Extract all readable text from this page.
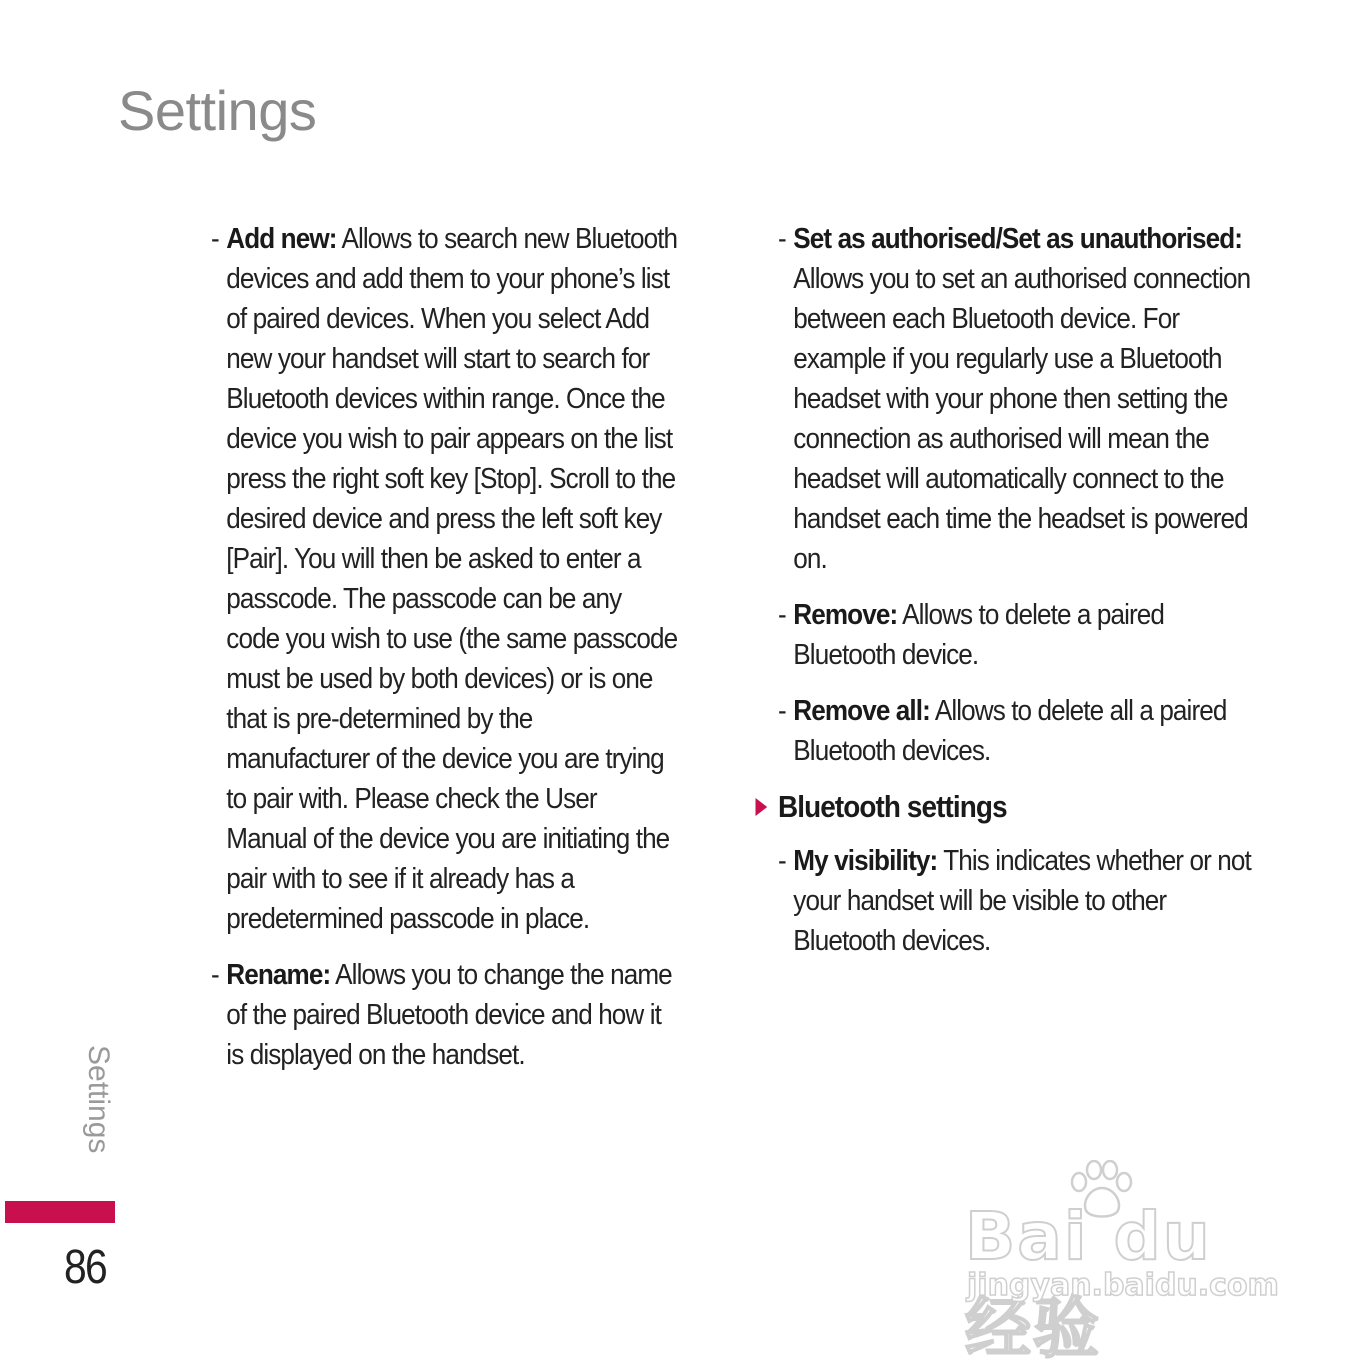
Settings
- Add new: Allows to search new Bluetooth devices and add them to your phone’s list of paired devices. When you select Add new your handset will start to search for Bluetooth devices within range. Once the device you wish to pair appears on the list press the right soft key [Stop]. Scroll to the desired device and press the left soft key [Pair]. You will then be asked to enter a passcode. The passcode can be any code you wish to use (the same passcode must be used by both devices) or is one that is pre-determined by the manufacturer of the device you are trying to pair with. Please check the User Manual of the device you are initiating the pair with to see if it already has a predetermined passcode in place.
- Rename: Allows you to change the name of the paired Bluetooth device and how it is displayed on the handset.
- Set as authorised/Set as unauthorised: Allows you to set an authorised connection between each Bluetooth device. For example if you regularly use a Bluetooth headset with your phone then setting the connection as authorised will mean the headset will automatically connect to the handset each time the headset is powered on.
- Remove: Allows to delete a paired Bluetooth device.
- Remove all: Allows to delete all a paired Bluetooth devices.
Bluetooth settings
- My visibility: This indicates whether or not your handset will be visible to other Bluetooth devices.
Settings
86	Bai du 经验
jingyan.baidu.com
